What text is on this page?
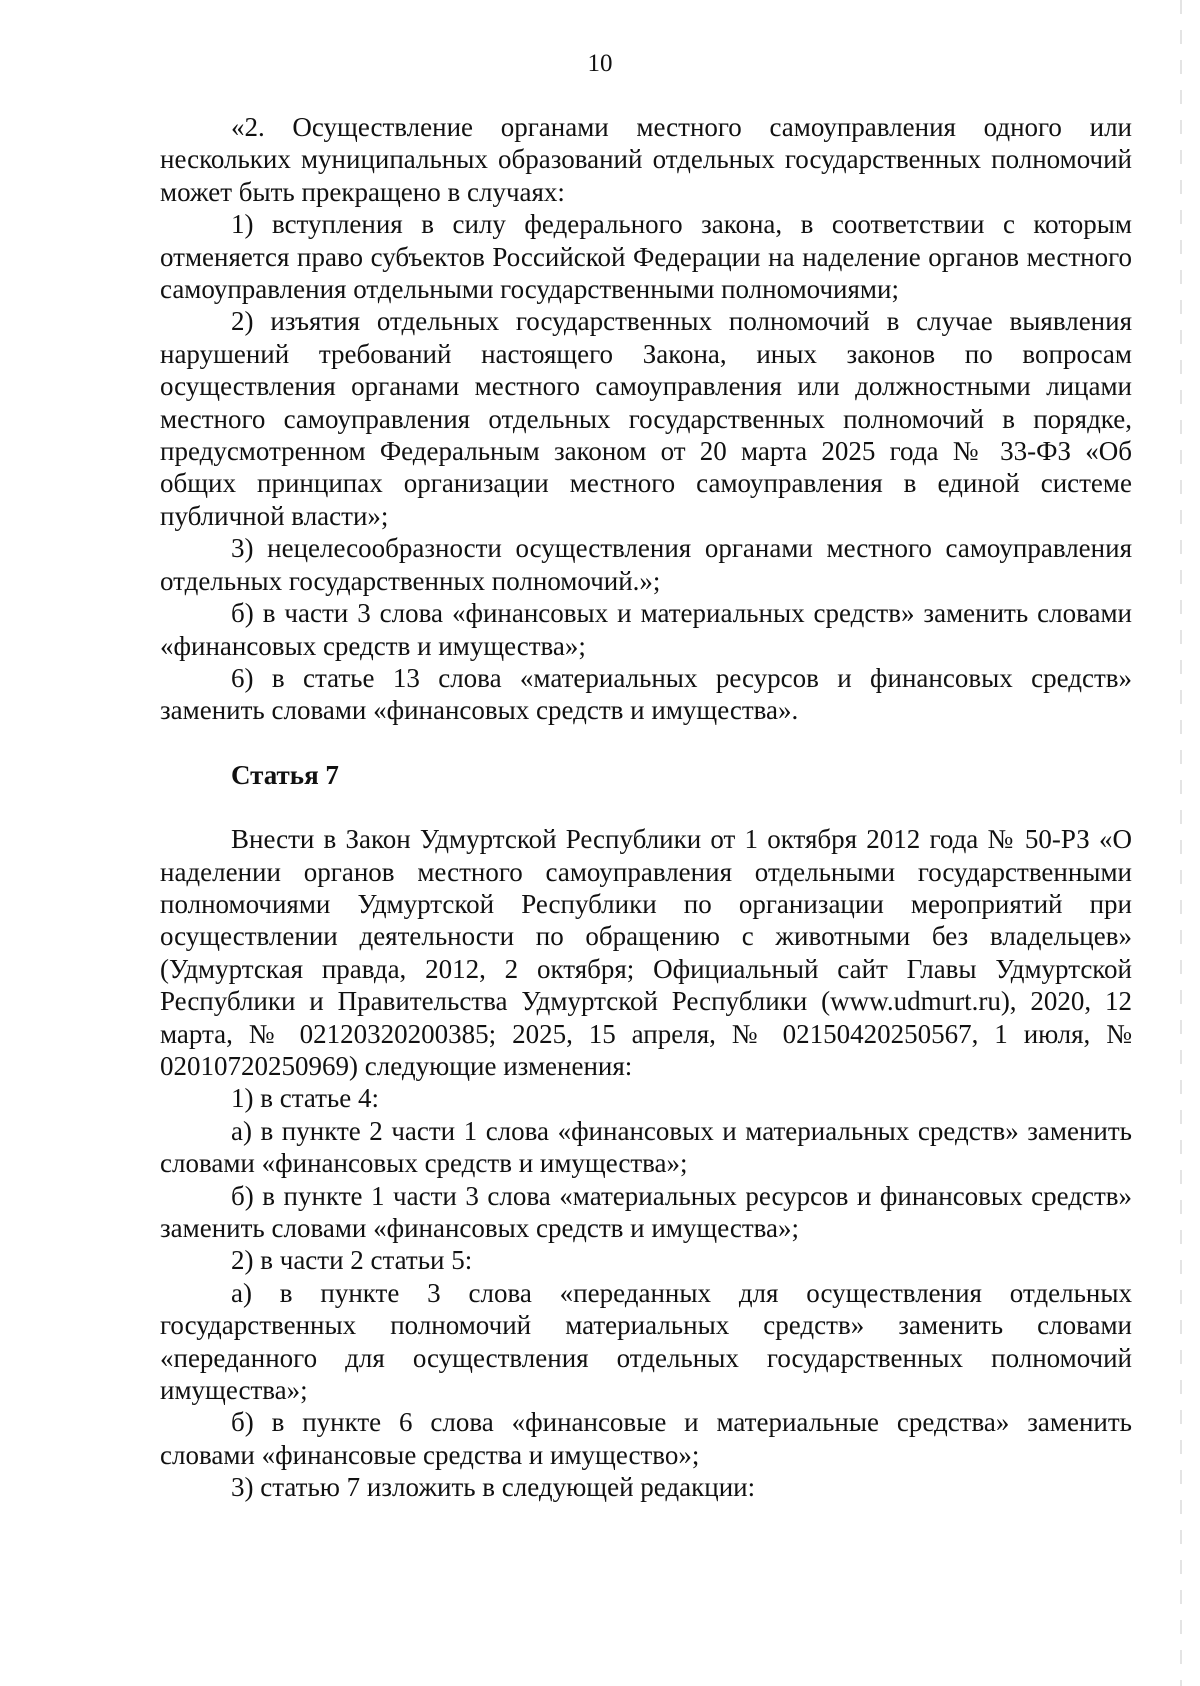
10

«2. Осуществление органами местного самоуправления одного или нескольких муниципальных образований отдельных государственных полномочий может быть прекращено в случаях:

1) вступления в силу федерального закона, в соответствии с которым отменяется право субъектов Российской Федерации на наделение органов местного самоуправления отдельными государственными полномочиями;

2) изъятия отдельных государственных полномочий в случае выявления нарушений требований настоящего Закона, иных законов по вопросам осуществления органами местного самоуправления или должностными лицами местного самоуправления отдельных государственных полномочий в порядке, предусмотренном Федеральным законом от 20 марта 2025 года № 33-ФЗ «Об общих принципах организации местного самоуправления в единой системе публичной власти»;

3) нецелесообразности осуществления органами местного самоуправления отдельных государственных полномочий.»;

б) в части 3 слова «финансовых и материальных средств» заменить словами «финансовых средств и имущества»;

6) в статье 13 слова «материальных ресурсов и финансовых средств» заменить словами «финансовых средств и имущества».

Статья 7

Внести в Закон Удмуртской Республики от 1 октября 2012 года № 50-РЗ «О наделении органов местного самоуправления отдельными государственными полномочиями Удмуртской Республики по организации мероприятий при осуществлении деятельности по обращению с животными без владельцев» (Удмуртская правда, 2012, 2 октября; Официальный сайт Главы Удмуртской Республики и Правительства Удмуртской Республики (www.udmurt.ru), 2020, 12 марта, № 02120320200385; 2025, 15 апреля, № 02150420250567, 1 июля, № 02010720250969) следующие изменения:

1) в статье 4:

а) в пункте 2 части 1 слова «финансовых и материальных средств» заменить словами «финансовых средств и имущества»;

б) в пункте 1 части 3 слова «материальных ресурсов и финансовых средств» заменить словами «финансовых средств и имущества»;

2) в части 2 статьи 5:

а) в пункте 3 слова «переданных для осуществления отдельных государственных полномочий материальных средств» заменить словами «переданного для осуществления отдельных государственных полномочий имущества»;

б) в пункте 6 слова «финансовые и материальные средства» заменить словами «финансовые средства и имущество»;

3) статью 7 изложить в следующей редакции:
